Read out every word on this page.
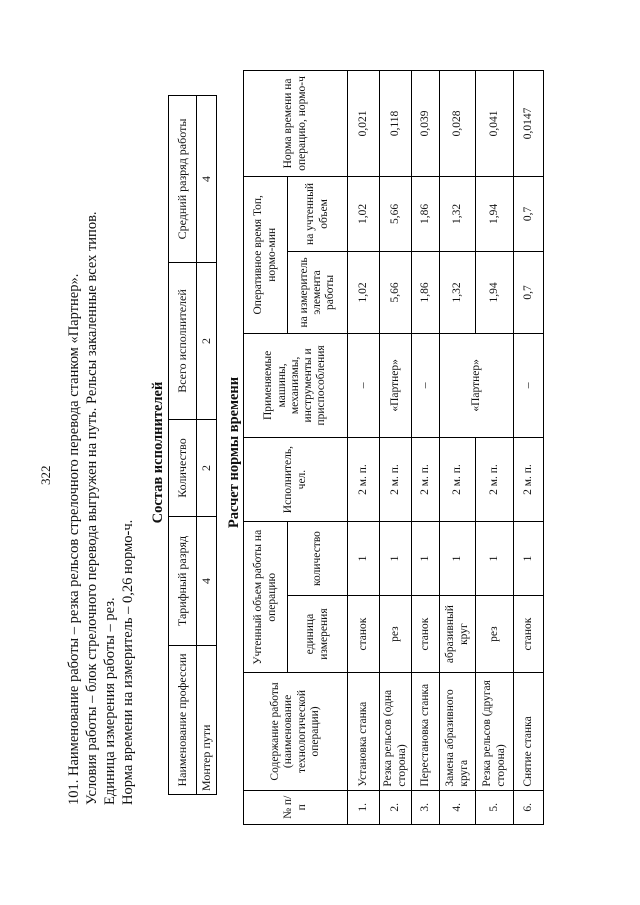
322 101. Наименование работы – резка рельсов стрелочного перевода станком «Партнер». Условия работы – блок стрелочного перевода выгружен на путь. Рельсы закаленные всех типов. Единица измерения работы – рез. Норма времени на измеритель – 0,26 нормо-ч.
Состав исполнителей
Наименование профессии	Тарифный разряд	Количество	Всего исполнителей	Средний разряд работы
Монтер пути	4	2	2	4
Расчет нормы времени
№ п/п	Содержание работы (наименование технологической операции)	Учтенный объем работы на операцию		Исполнитель, чел.	Применяемые машины, механизмы, инструменты и приспособления	Оперативное время Топ, нормо-мин		Норма времени на операцию, нормо-ч
		единица измерения	количество			на измеритель элемента работы	на учтенный объем	
1.	Установка станка	станок	1	2 м. п.	–	1,02	1,02	0,021
2.	Резка рельсов (одна сторона)	рез	1	2 м. п.	«Партнер»	5,66	5,66	0,118
3.	Перестановка станка	станок	1	2 м. п.	–	1,86	1,86	0,039
4.	Замена абразивного круга	абразивный круг	1	2 м. п.	«Партнер»	1,32	1,32	0,028
5.	Резка рельсов (другая сторона)	рез	1	2 м. п.		1,94	1,94	0,041
6.	Снятие станка	станок	1	2 м. п.	–	0,7	0,7	0,0147
